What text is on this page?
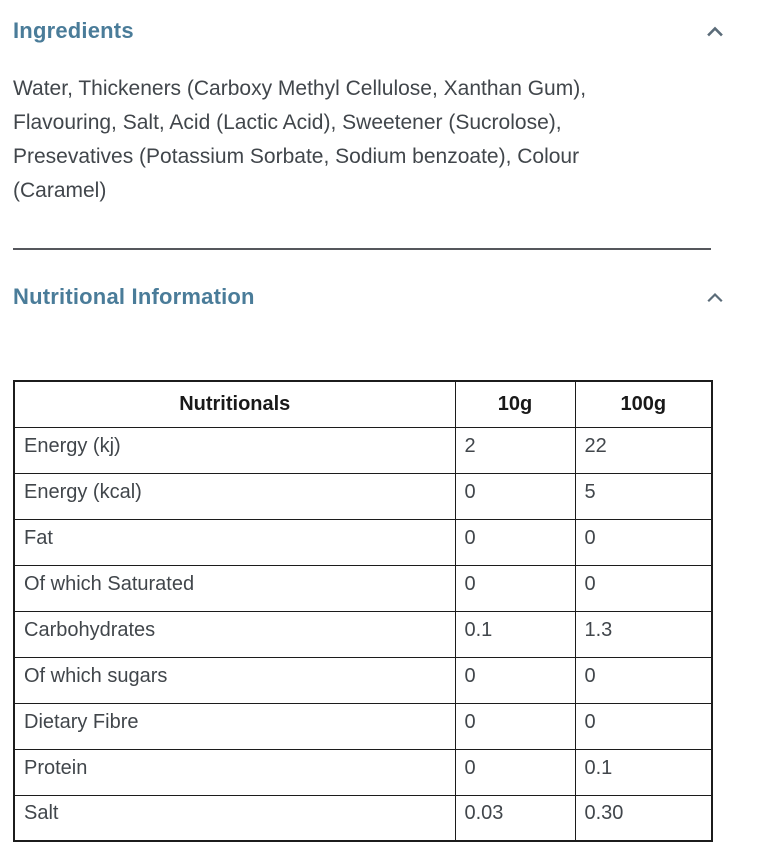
Ingredients

Water, Thickeners (Carboxy Methyl Cellulose, Xanthan Gum), Flavouring, Salt, Acid (Lactic Acid), Sweetener (Sucrolose), Presevatives (Potassium Sorbate, Sodium benzoate), Colour (Caramel)

Nutritional Information
Nutritionals	10g	100g
Energy (kj)	2	22
Energy (kcal)	0	5
Fat	0	0
Of which Saturated	0	0
Carbohydrates	0.1	1.3
Of which sugars	0	0
Dietary Fibre	0	0
Protein	0	0.1
Salt	0.03	0.30
